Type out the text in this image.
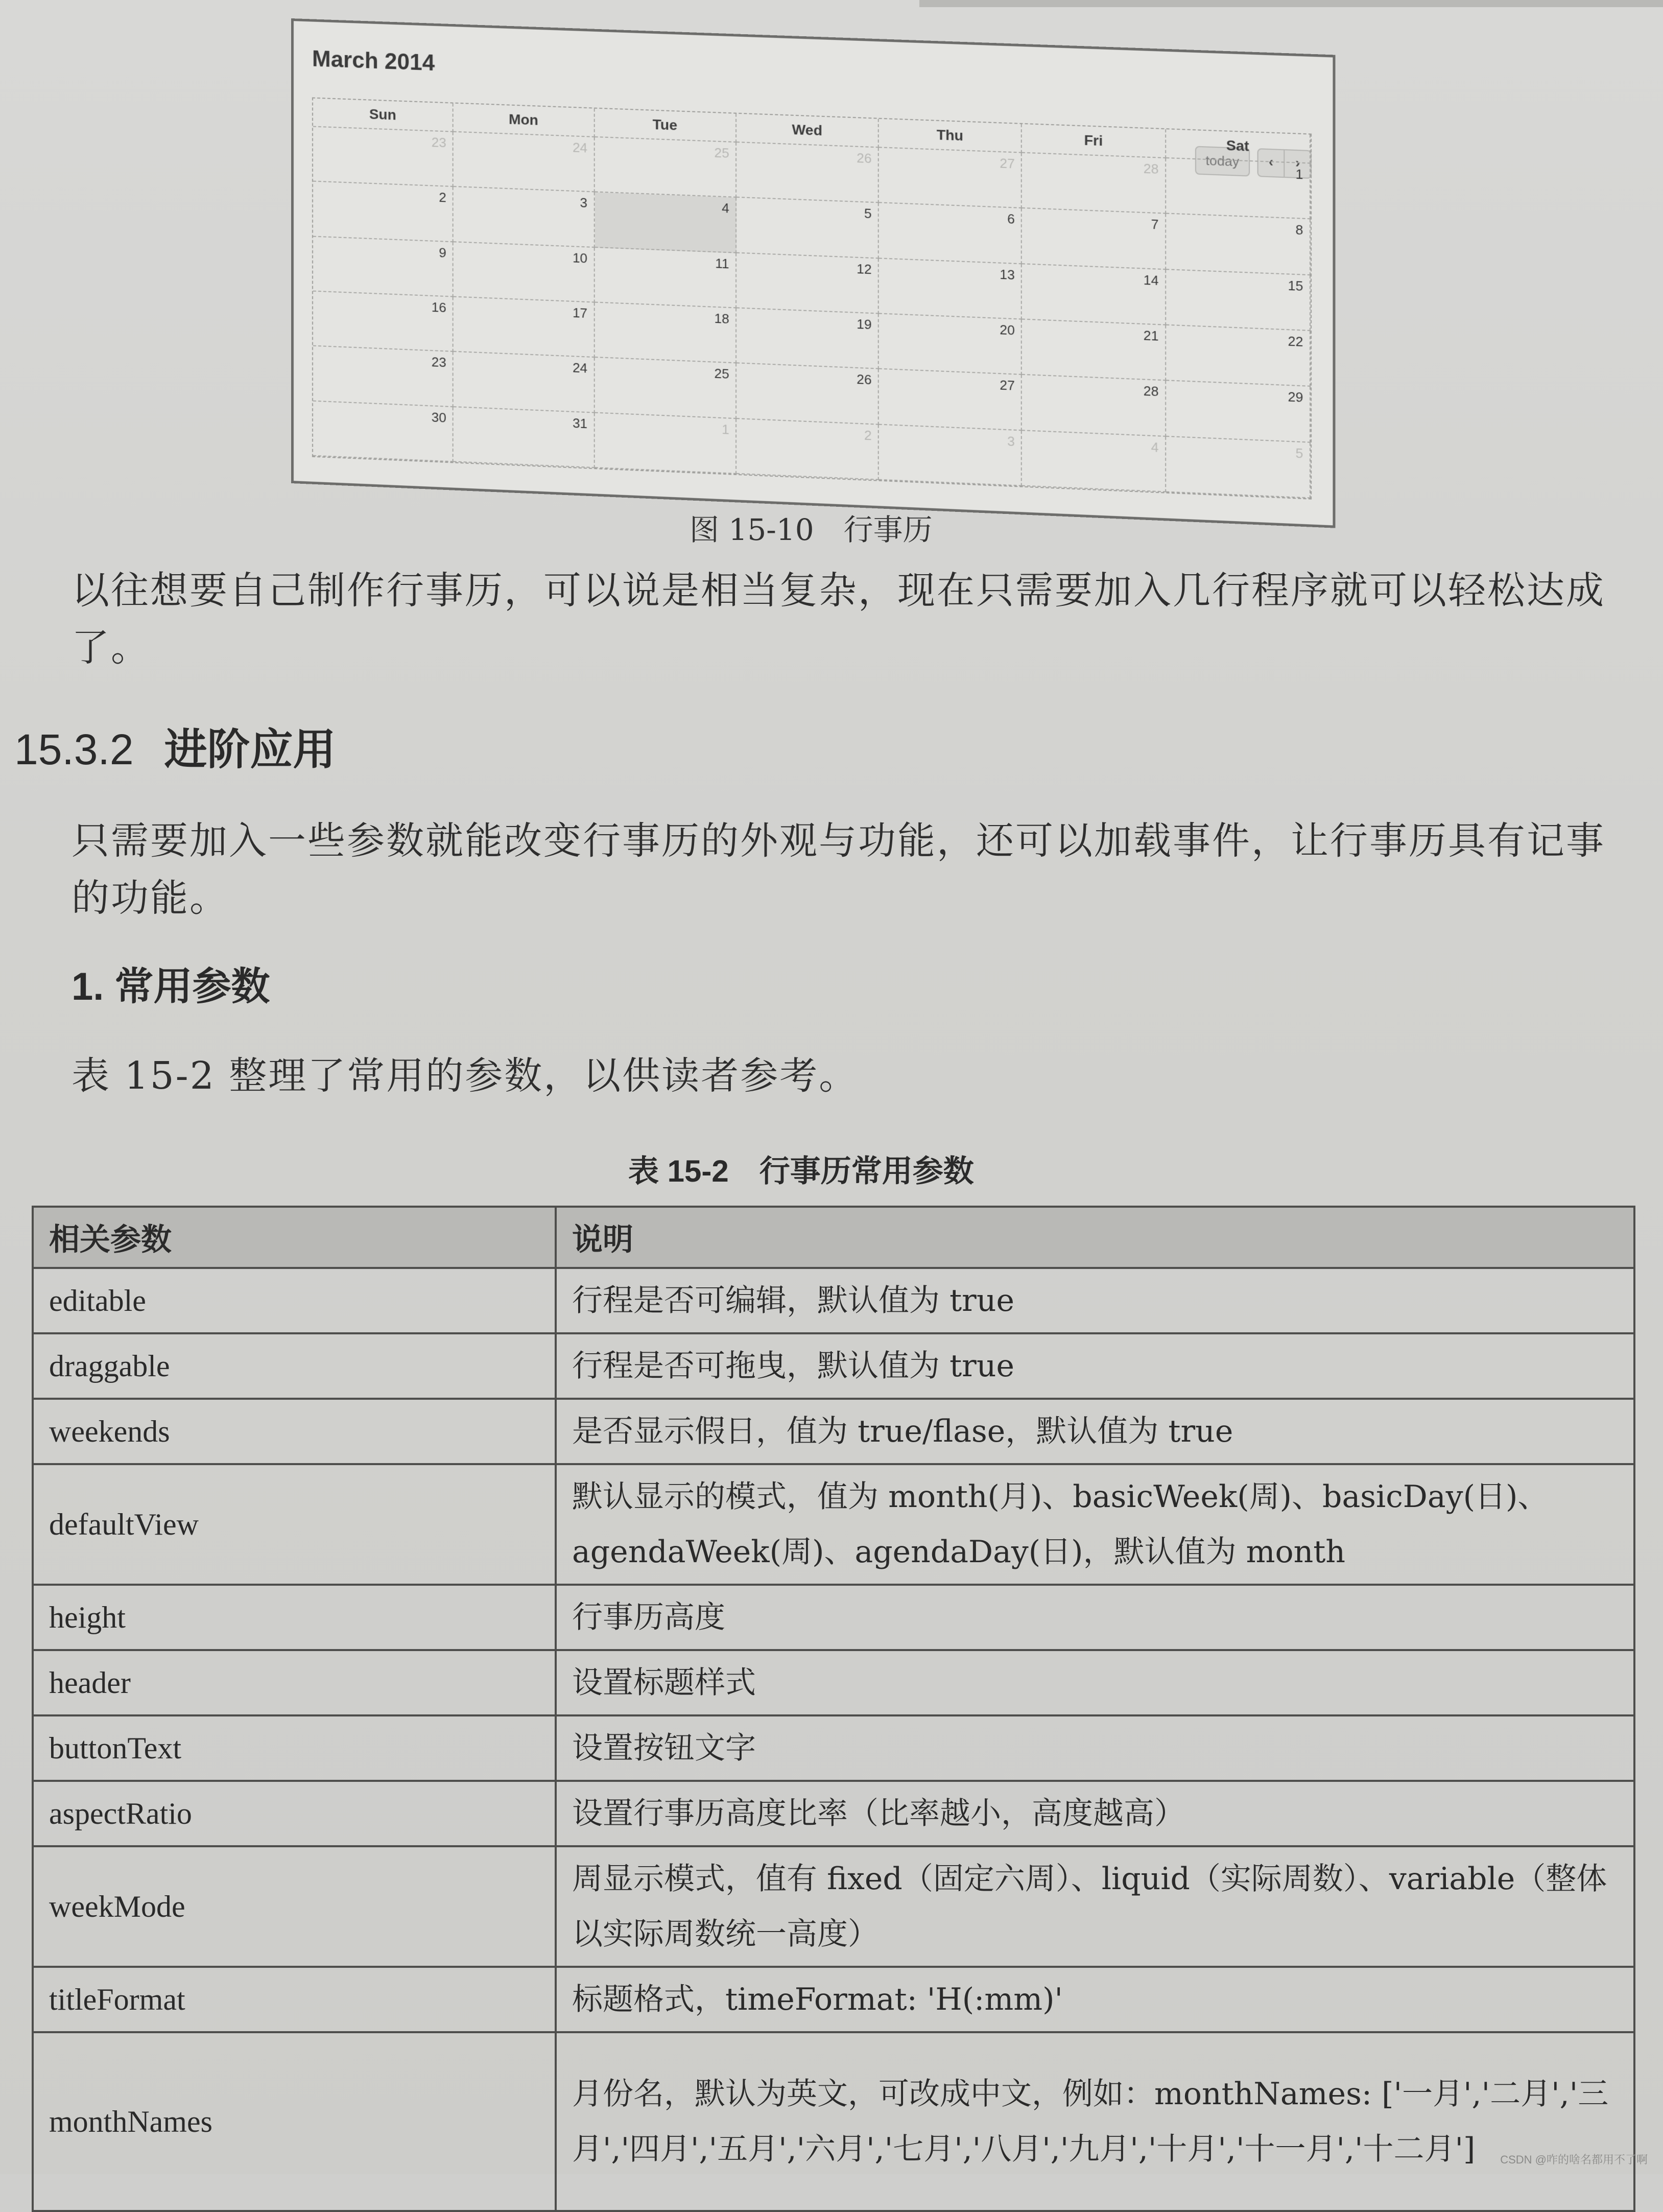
March 2014
today	‹	›
Sun	Mon	Tue	Wed	Thu	Fri	Sat
23	24	25	26	27	28	1
2	3	4	5	6	7	8
9	10	11	12	13	14	15
16	17	18	19	20	21	22
23	24	25	26	27	28	29
30	31	1	2	3	4	5
图 15-10　行事历
以往想要自己制作行事历，可以说是相当复杂，现在只需要加入几行程序就可以轻松达成了。
15.3.2 进阶应用
只需要加入一些参数就能改变行事历的外观与功能，还可以加载事件，让行事历具有记事的功能。
1. 常用参数
表 15-2 整理了常用的参数，以供读者参考。
表 15-2　行事历常用参数
相关参数	说明
editable	行程是否可编辑，默认值为 true
draggable	行程是否可拖曳，默认值为 true
weekends	是否显示假日，值为 true/flase，默认值为 true
defaultView	默认显示的模式，值为 month(月)、basicWeek(周)、basicDay(日)、agendaWeek(周)、agendaDay(日)，默认值为 month
height	行事历高度
header	设置标题样式
buttonText	设置按钮文字
aspectRatio	设置行事历高度比率（比率越小，高度越高）
weekMode	周显示模式，值有 fixed（固定六周）、liquid（实际周数）、variable（整体以实际周数统一高度）
titleFormat	标题格式，timeFormat: 'H(:mm)'
monthNames	月份名，默认为英文，可改成中文，例如：monthNames: ['一月','二月','三月','四月','五月','六月','七月','八月','九月','十月','十一月','十二月'] CSDN @咋的啥名都用不了啊
